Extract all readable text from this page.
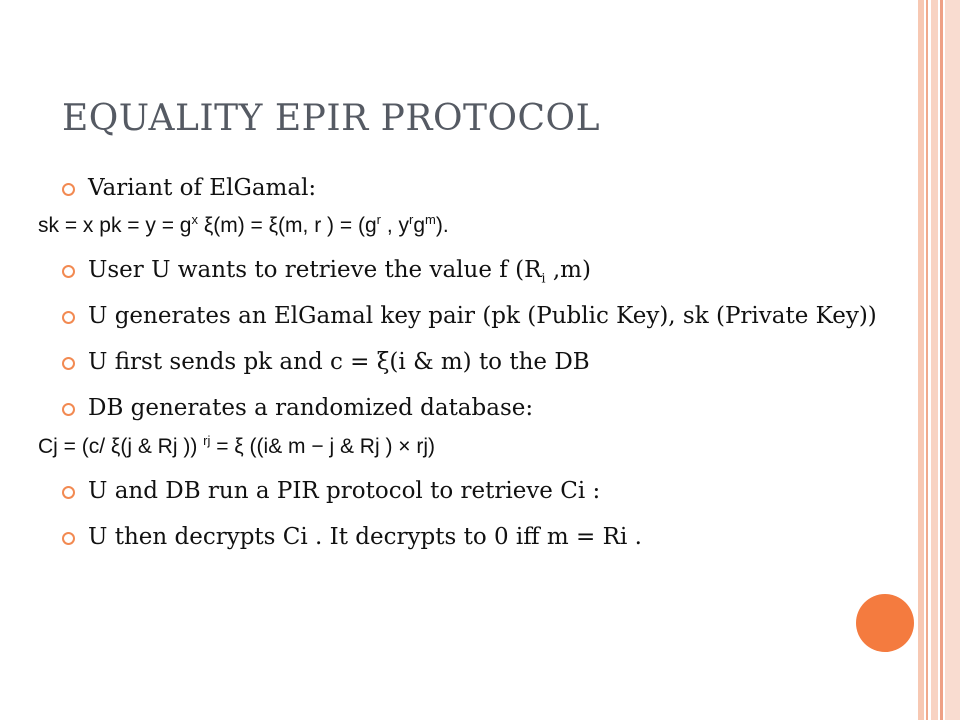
EQUALITY EPIR PROTOCOL
Variant of ElGamal:
sk = x pk = $y = g^x$ ξ(m) = ξ(m, r ) = ($g^r$ , $y^rg^m$).
User U wants to retrieve the value f ($R_i$ ,m)
U generates an ElGamal key pair (pk (Public Key), sk (Private Key))
U first sends pk and c = ξ(i & m) to the DB
DB generates a randomized database:
Cj = (c/ ξ(j & Rj )) $^{rj}$ = ξ ((i& m − j & Rj ) × rj)
U and DB run a PIR protocol to retrieve Ci :
U then decrypts Ci . It decrypts to 0 iff m = Ri .
